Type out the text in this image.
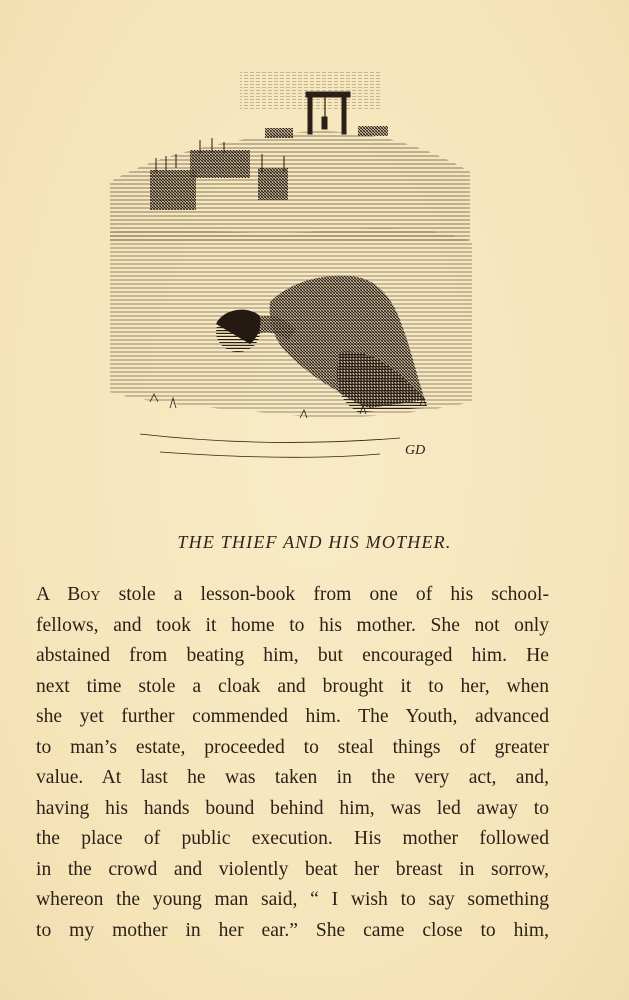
GD
THE THIEF AND HIS MOTHER.
A Boy stole a lesson-book from one of his school-
fellows, and took it home to his mother. She not only
abstained from beating him, but encouraged him. He
next time stole a cloak and brought it to her, when
she yet further commended him. The Youth, advanced
to man’s estate, proceeded to steal things of greater
value. At last he was taken in the very act, and,
having his hands bound behind him, was led away to
the place of public execution. His mother followed
in the crowd and violently beat her breast in sorrow,
whereon the young man said, “ I wish to say something
to my mother in her ear.” She came close to him,
